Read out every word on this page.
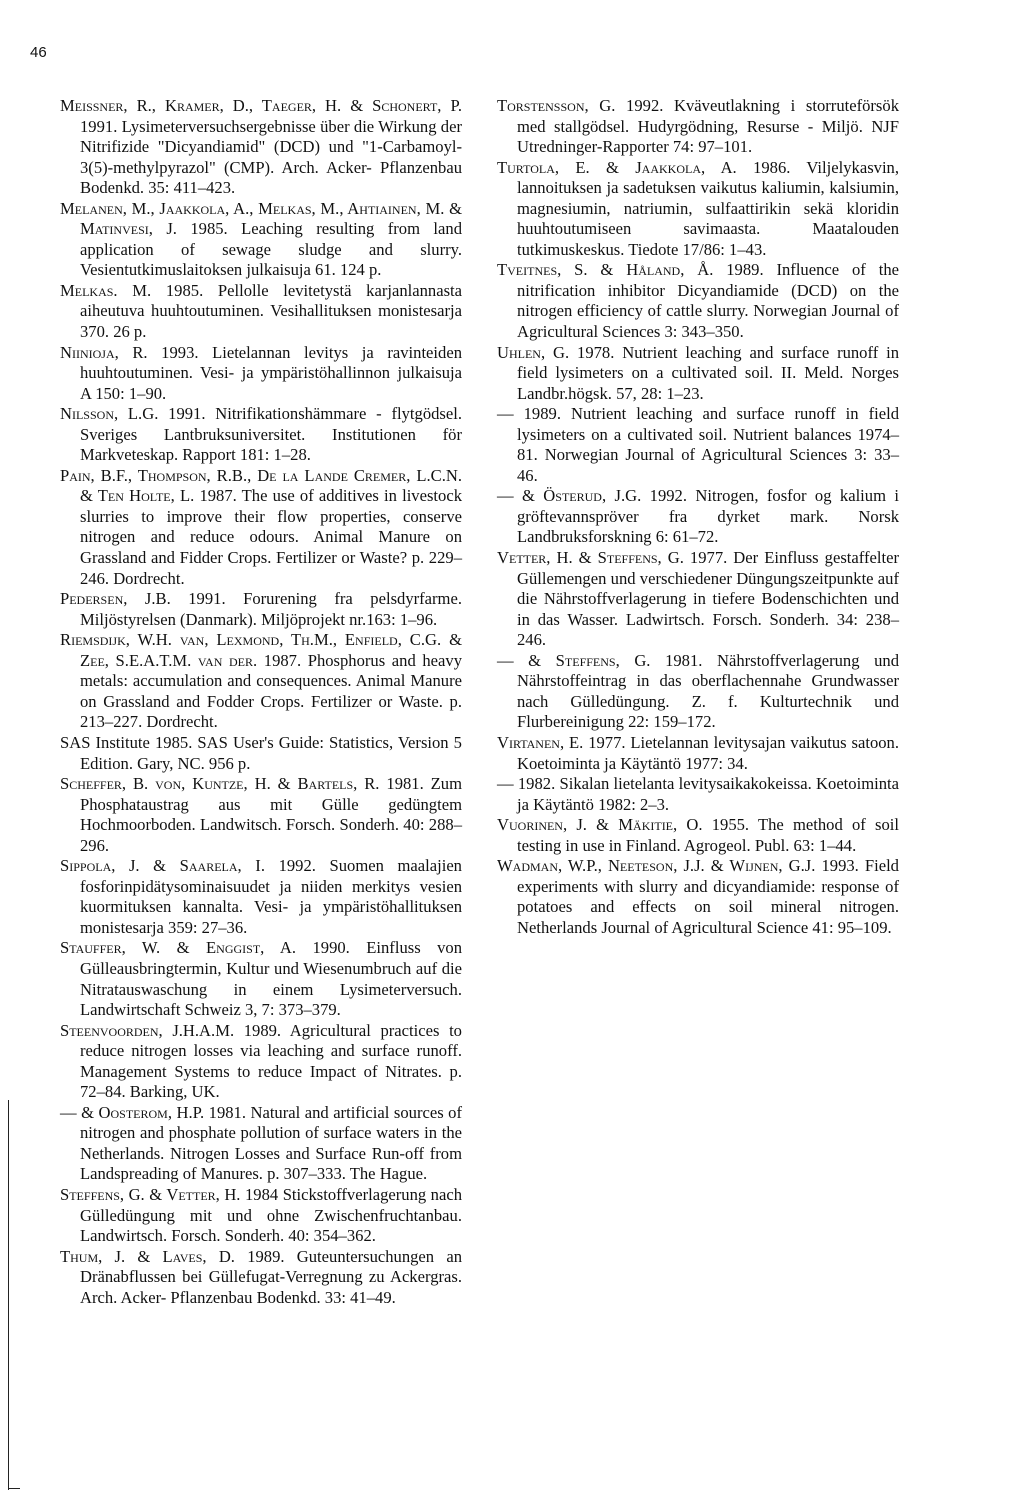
46

Meissner, R., Kramer, D., Taeger, H. & Schonert, P. 1991. Lysimeterversuchsergebnisse über die Wirkung der Nitrifizide "Dicyandiamid" (DCD) und "1-Carbamoyl-3(5)-methylpyrazol" (CMP). Arch. Acker- Pflanzenbau Bodenkd. 35: 411–423.

Melanen, M., Jaakkola, A., Melkas, M., Ahtiainen, M. & Matinvesi, J. 1985. Leaching resulting from land application of sewage sludge and slurry. Vesientutkimuslaitoksen julkaisuja 61. 124 p.

Melkas. M. 1985. Pellolle levitetystä karjanlannasta aiheutuva huuhtoutuminen. Vesihallituksen monistesarja 370. 26 p.

Niinioja, R. 1993. Lietelannan levitys ja ravinteiden huuhtoutuminen. Vesi- ja ympäristöhallinnon julkaisuja A 150: 1–90.

Nilsson, L.G. 1991. Nitrifikationshämmare - flytgödsel. Sveriges Lantbruksuniversitet. Institutionen för Markveteskap. Rapport 181: 1–28.

Pain, B.F., Thompson, R.B., De la Lande Cremer, L.C.N. & Ten Holte, L. 1987. The use of additives in livestock slurries to improve their flow properties, conserve nitrogen and reduce odours. Animal Manure on Grassland and Fidder Crops. Fertilizer or Waste? p. 229–246. Dordrecht.

Pedersen, J.B. 1991. Forurening fra pelsdyrfarme. Miljöstyrelsen (Danmark). Miljöprojekt nr.163: 1–96.

Riemsdijk, W.H. van, Lexmond, Th.M., Enfield, C.G. & Zee, S.E.A.T.M. van der. 1987. Phosphorus and heavy metals: accumulation and consequences. Animal Manure on Grassland and Fodder Crops. Fertilizer or Waste. p. 213–227. Dordrecht.

SAS Institute 1985. SAS User's Guide: Statistics, Version 5 Edition. Gary, NC. 956 p.

Scheffer, B. von, Kuntze, H. & Bartels, R. 1981. Zum Phosphataustrag aus mit Gülle gedüngtem Hochmoorboden. Landwitsch. Forsch. Sonderh. 40: 288–296.

Sippola, J. & Saarela, I. 1992. Suomen maalajien fosforinpidätysominaisuudet ja niiden merkitys vesien kuormituksen kannalta. Vesi- ja ympäristöhallituksen monistesarja 359: 27–36.

Stauffer, W. & Enggist, A. 1990. Einfluss von Gülleausbringtermin, Kultur und Wiesenumbruch auf die Nitratauswaschung in einem Lysimeterversuch. Landwirtschaft Schweiz 3, 7: 373–379.

Steenvoorden, J.H.A.M. 1989. Agricultural practices to reduce nitrogen losses via leaching and surface runoff. Management Systems to reduce Impact of Nitrates. p. 72–84. Barking, UK.

— & Oosterom, H.P. 1981. Natural and artificial sources of nitrogen and phosphate pollution of surface waters in the Netherlands. Nitrogen Losses and Surface Run-off from Landspreading of Manures. p. 307–333. The Hague.

Steffens, G. & Vetter, H. 1984 Stickstoffverlagerung nach Gülledüngung mit und ohne Zwischenfruchtanbau. Landwirtsch. Forsch. Sonderh. 40: 354–362.

Thum, J. & Laves, D. 1989. Guteuntersuchungen an Dränabflussen bei Güllefugat-Verregnung zu Ackergras. Arch. Acker- Pflanzenbau Bodenkd. 33: 41–49.

Torstensson, G. 1992. Kväveutlakning i storruteförsök med stallgödsel. Hudyrgödning, Resurse - Miljö. NJF Utredninger-Rapporter 74: 97–101.

Turtola, E. & Jaakkola, A. 1986. Viljelykasvin, lannoituksen ja sadetuksen vaikutus kaliumin, kalsiumin, magnesiumin, natriumin, sulfaattirikin sekä kloridin huuhtoutumiseen savimaasta. Maatalouden tutkimuskeskus. Tiedote 17/86: 1–43.

Tveitnes, S. & Håland, Å. 1989. Influence of the nitrification inhibitor Dicyandiamide (DCD) on the nitrogen efficiency of cattle slurry. Norwegian Journal of Agricultural Sciences 3: 343–350.

Uhlen, G. 1978. Nutrient leaching and surface runoff in field lysimeters on a cultivated soil. II. Meld. Norges Landbr.högsk. 57, 28: 1–23.

— 1989. Nutrient leaching and surface runoff in field lysimeters on a cultivated soil. Nutrient balances 1974–81. Norwegian Journal of Agricultural Sciences 3: 33–46.

— & Österud, J.G. 1992. Nitrogen, fosfor og kalium i gröftevannspröver fra dyrket mark. Norsk Landbruksforskning 6: 61–72.

Vetter, H. & Steffens, G. 1977. Der Einfluss gestaffelter Güllemengen und verschiedener Düngungszeitpunkte auf die Nährstoffverlagerung in tiefere Bodenschichten und in das Wasser. Ladwirtsch. Forsch. Sonderh. 34: 238–246.

— & Steffens, G. 1981. Nährstoffverlagerung und Nährstoffeintrag in das oberflachennahe Grundwasser nach Gülledüngung. Z. f. Kulturtechnik und Flurbereinigung 22: 159–172.

Virtanen, E. 1977. Lietelannan levitysajan vaikutus satoon. Koetoiminta ja Käytäntö 1977: 34.

— 1982. Sikalan lietelanta levitysaikakokeissa. Koetoiminta ja Käytäntö 1982: 2–3.

Vuorinen, J. & Mäkitie, O. 1955. The method of soil testing in use in Finland. Agrogeol. Publ. 63: 1–44.

Wadman, W.P., Neeteson, J.J. & Wijnen, G.J. 1993. Field experiments with slurry and dicyandiamide: response of potatoes and effects on soil mineral nitrogen. Netherlands Journal of Agricultural Science 41: 95–109.
